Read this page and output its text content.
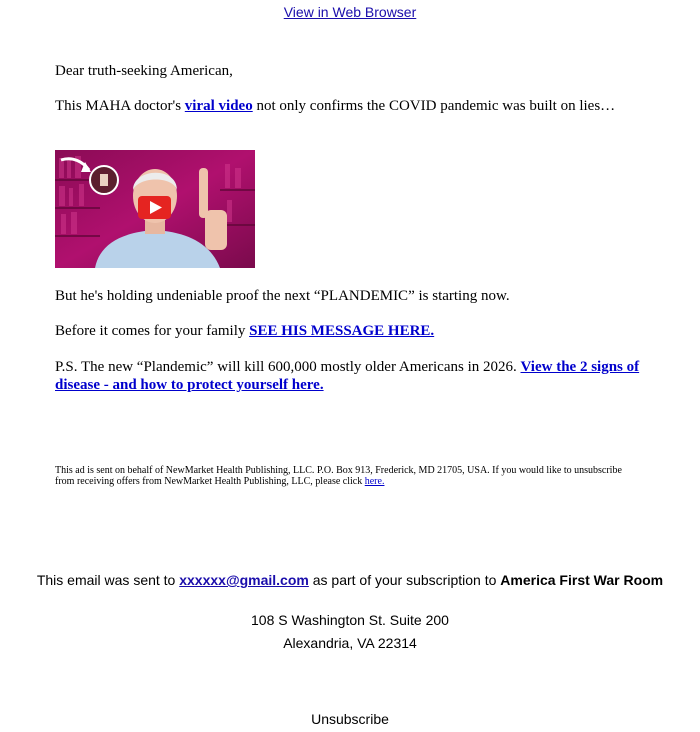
View in Web Browser

Dear truth-seeking American,

This MAHA doctor's viral video not only confirms the COVID pandemic was built on lies…

But he's holding undeniable proof the next “PLANDEMIC” is starting now.

Before it comes for your family SEE HIS MESSAGE HERE.

P.S. The new “Plandemic” will kill 600,000 mostly older Americans in 2026. View the 2 signs of disease - and how to protect yourself here.

This ad is sent on behalf of NewMarket Health Publishing, LLC. P.O. Box 913, Frederick, MD 21705, USA. If you would like to unsubscribe from receiving offers from NewMarket Health Publishing, LLC, please click here.

This email was sent to xxxxxx@gmail.com as part of your subscription to America First War Room
108 S Washington St. Suite 200
Alexandria, VA 22314
Unsubscribe
